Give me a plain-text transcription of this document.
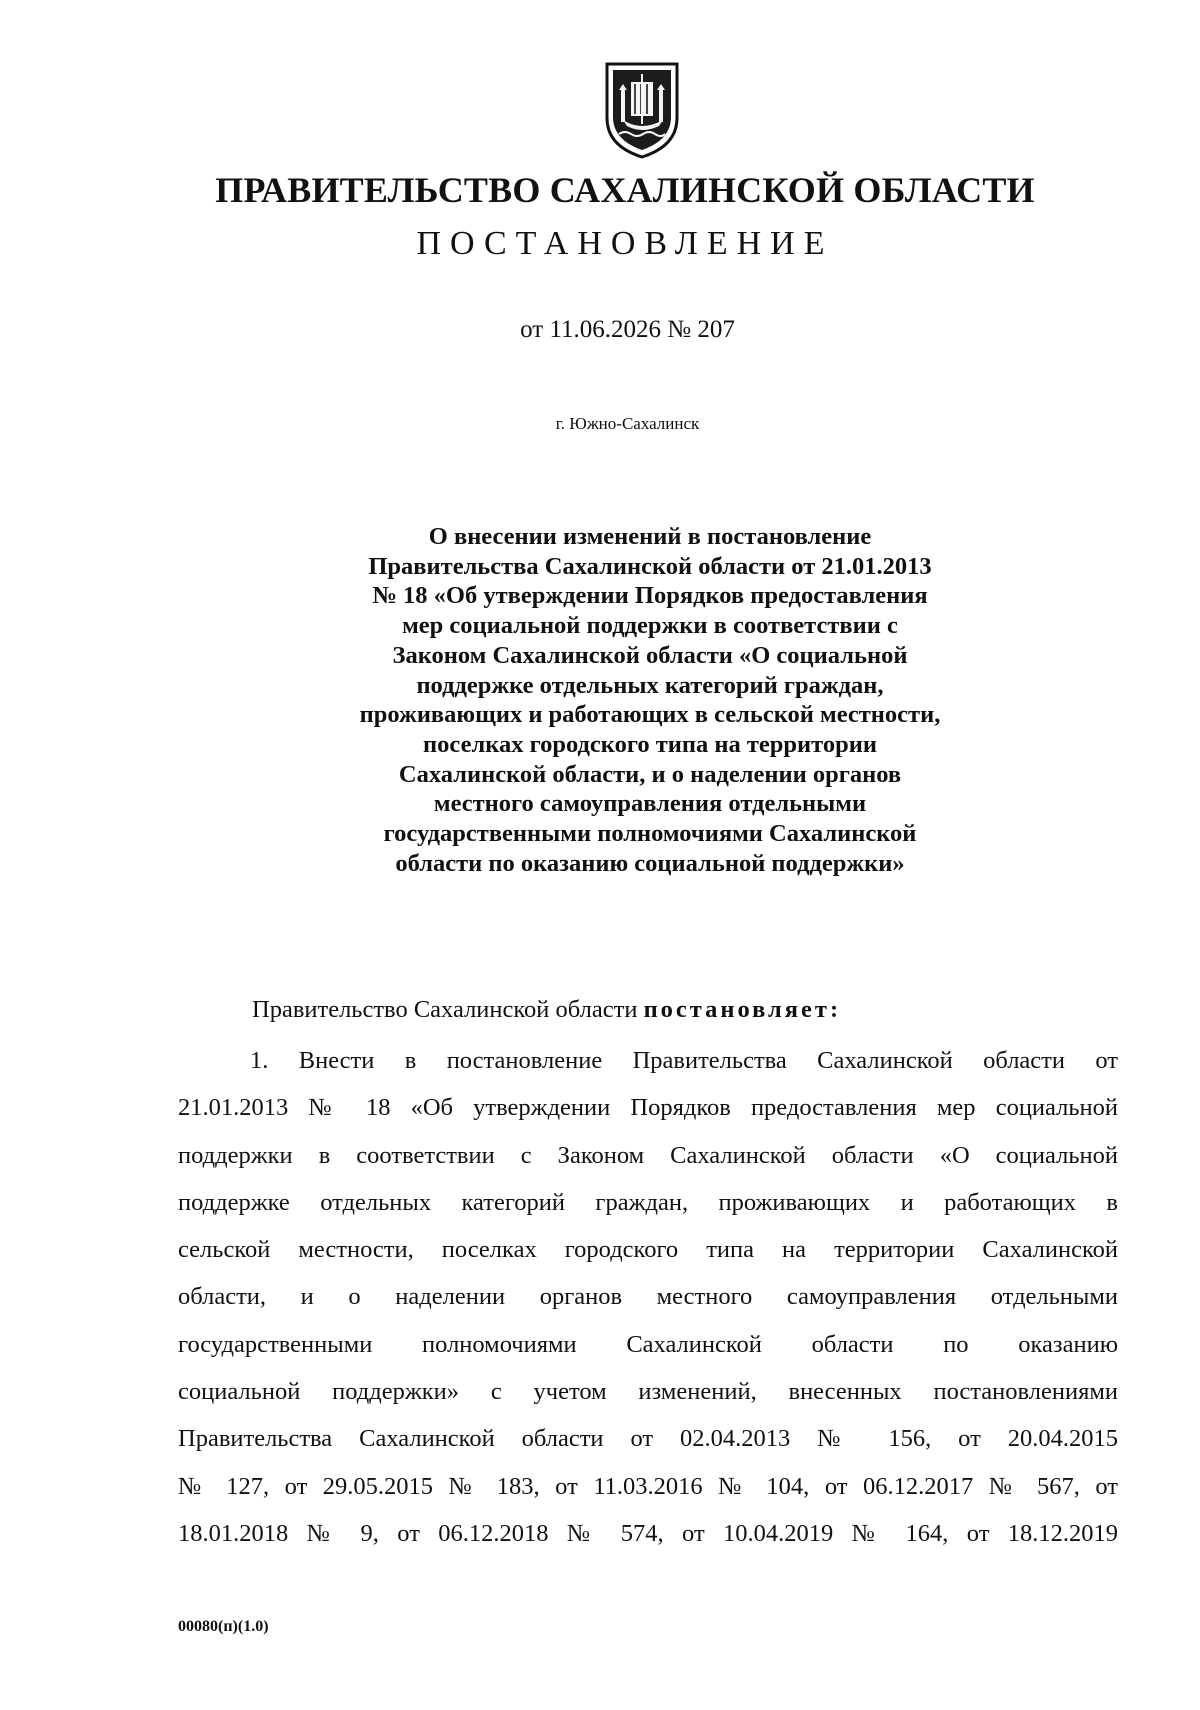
ПРАВИТЕЛЬСТВО САХАЛИНСКОЙ ОБЛАСТИ
ПОСТАНОВЛЕНИЕ
от 11.06.2026 № 207
г. Южно-Сахалинск
О внесении изменений в постановление
Правительства Сахалинской области от 21.01.2013
№ 18 «Об утверждении Порядков предоставления
мер социальной поддержки в соответствии с
Законом Сахалинской области «О социальной
поддержке отдельных категорий граждан,
проживающих и работающих в сельской местности,
поселках городского типа на территории
Сахалинской области, и о наделении органов
местного самоуправления отдельными
государственными полномочиями Сахалинской
области по оказанию социальной поддержки»
Правительство Сахалинской области постановляет:
1. Внести в постановление Правительства Сахалинской области от
21.01.2013 № 18 «Об утверждении Порядков предоставления мер социальной
поддержки в соответствии с Законом Сахалинской области «О социальной
поддержке отдельных категорий граждан, проживающих и работающих в
сельской местности, поселках городского типа на территории Сахалинской
области, и о наделении органов местного самоуправления отдельными
государственными полномочиями Сахалинской области по оказанию
социальной поддержки» с учетом изменений, внесенных постановлениями
Правительства Сахалинской области от 02.04.2013 № 156, от 20.04.2015
№ 127, от 29.05.2015 № 183, от 11.03.2016 № 104, от 06.12.2017 № 567, от
18.01.2018 № 9, от 06.12.2018 № 574, от 10.04.2019 № 164, от 18.12.2019
00080(п)(1.0)
